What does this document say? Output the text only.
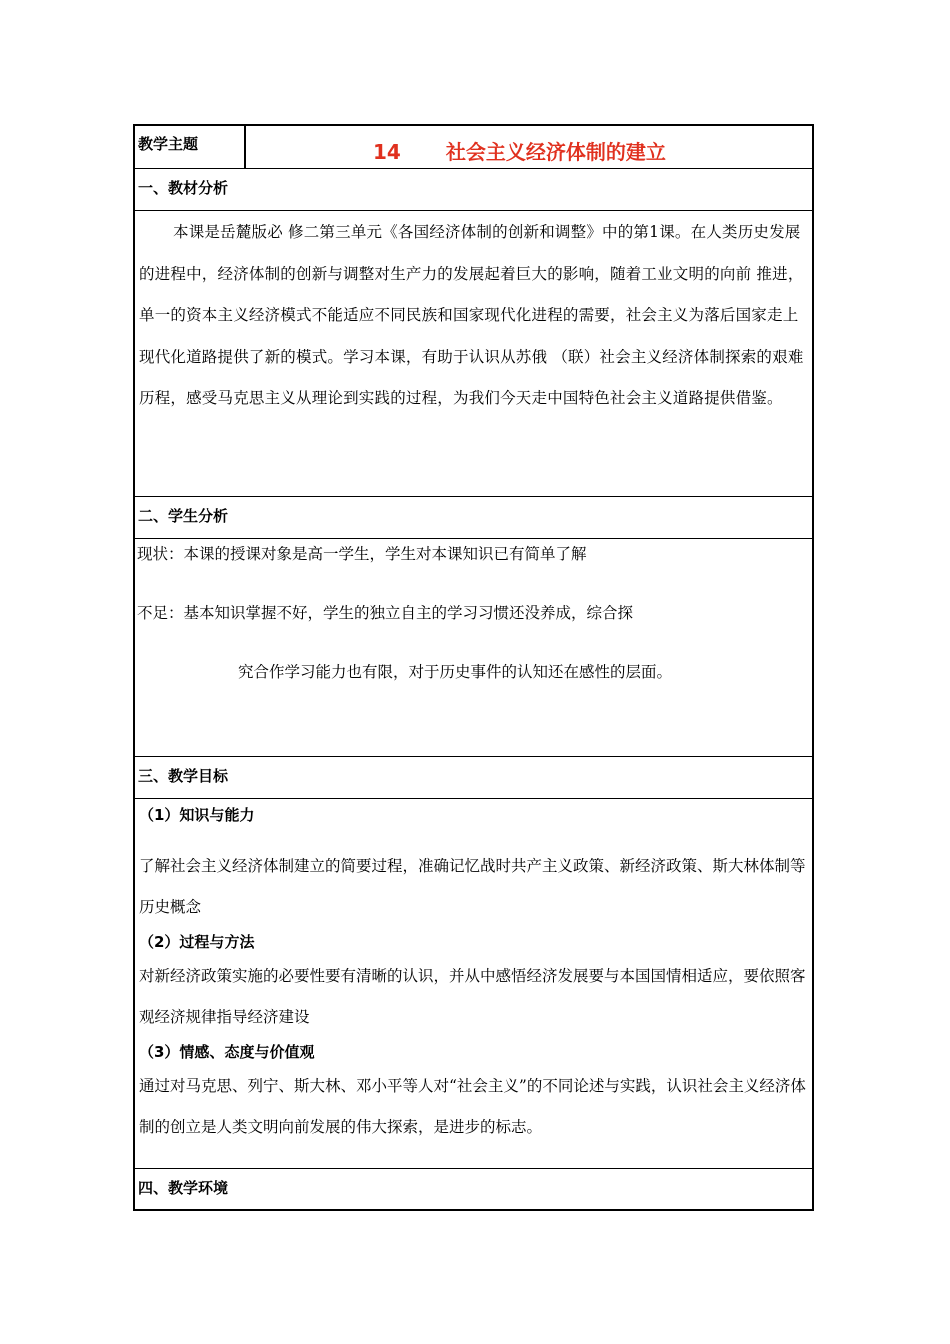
教学主题	14 社会主义经济体制的建立
一、教材分析
本课是岳麓版必 修二第三单元《各国经济体制的创新和调整》中的第1课。在人类历史发展的进程中，经济体制的创新与调整对生产力的发展起着巨大的影响，随着工业文明的向前 推进，单一的资本主义经济模式不能适应不同民族和国家现代化进程的需要，社会主义为落后国家走上现代化道路提供了新的模式。学习本课，有助于认识从苏俄 （联）社会主义经济体制探索的艰难历程，感受马克思主义从理论到实践的过程，为我们今天走中国特色社会主义道路提供借鉴。
二、学生分析
现状：本课的授课对象是高一学生，学生对本课知识已有简单了解
不足：基本知识掌握不好，学生的独立自主的学习习惯还没养成，综合探
究合作学习能力也有限，对于历史事件的认知还在感性的层面。
三、教学目标
（1）知识与能力
了解社会主义经济体制建立的简要过程，准确记忆战时共产主义政策、新经济政策、斯大林体制等历史概念
（2）过程与方法
对新经济政策实施的必要性要有清晰的认识，并从中感悟经济发展要与本国国情相适应，要依照客观经济规律指导经济建设
（3）情感、态度与价值观
通过对马克思、列宁、斯大林、邓小平等人对“社会主义”的不同论述与实践，认识社会主义经济体制的创立是人类文明向前发展的伟大探索，是进步的标志。
四、教学环境
